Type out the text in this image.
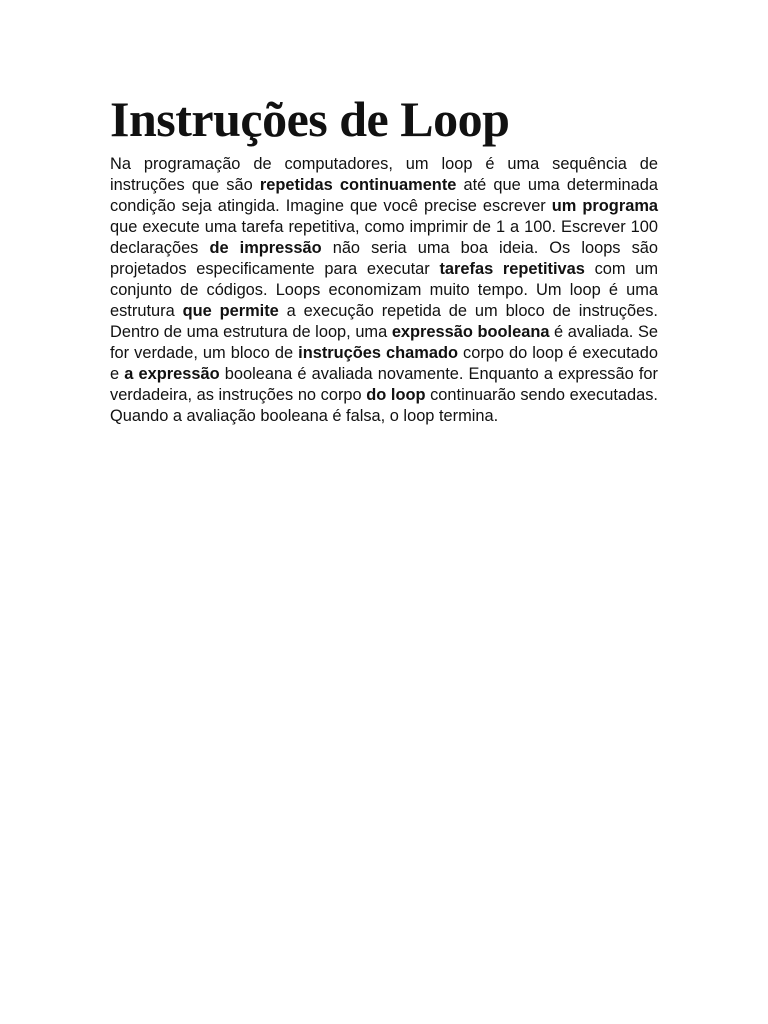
Instruções de Loop

Na programação de computadores, um loop é uma sequência de instruções que são repetidas continuamente até que uma determinada condição seja atingida. Imagine que você precise escrever um programa que execute uma tarefa repetitiva, como imprimir de 1 a 100. Escrever 100 declarações de impressão não seria uma boa ideia. Os loops são projetados especificamente para executar tarefas repetitivas com um conjunto de códigos. Loops economizam muito tempo. Um loop é uma estrutura que permite a execução repetida de um bloco de instruções. Dentro de uma estrutura de loop, uma expressão booleana é avaliada. Se for verdade, um bloco de instruções chamado corpo do loop é executado e a expressão booleana é avaliada novamente. Enquanto a expressão for verdadeira, as instruções no corpo do loop continuarão sendo executadas. Quando a avaliação booleana é falsa, o loop termina.
